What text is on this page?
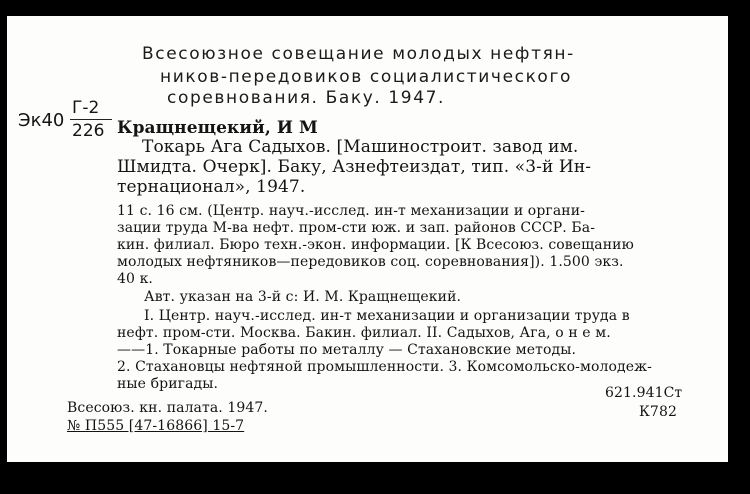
Всесоюзное совещание молодых нефтян-
ников-передовиков социалистического
соревнования. Баку. 1947.
Эк40
Г-2
226 Кращнещекий, И М
Токарь Ага Садыхов. [Машиностроит. завод им.
Шмидта. Очерк]. Баку, Азнефтеиздат, тип. «3-й Ин-
тернационал», 1947.
11 с. 16 см. (Центр. науч.-исслед. ин-т механизации и органи-
зации труда М-ва нефт. пром-сти юж. и зап. районов СССР. Ба-
кин. филиал. Бюро техн.-экон. информации. [К Всесоюз. совещанию
молодых нефтяников—передовиков соц. соревнования]). 1.500 экз.
40 к.
Авт. указан на 3-й с: И. М. Кращнещекий.
I. Центр. науч.-исслед. ин-т механизации и организации труда в
нефт. пром-сти. Москва. Бакин. филиал. II. Садыхов, Ага, о н е м.
——1. Токарные работы по металлу — Стахановские методы.
2. Стахановцы нефтяной промышленности. 3. Комсомольско-молодеж-
ные бригады.
Всесоюз. кн. палата. 1947.
№ П555 [47-16866] 15-7
621.941Ст
К782
